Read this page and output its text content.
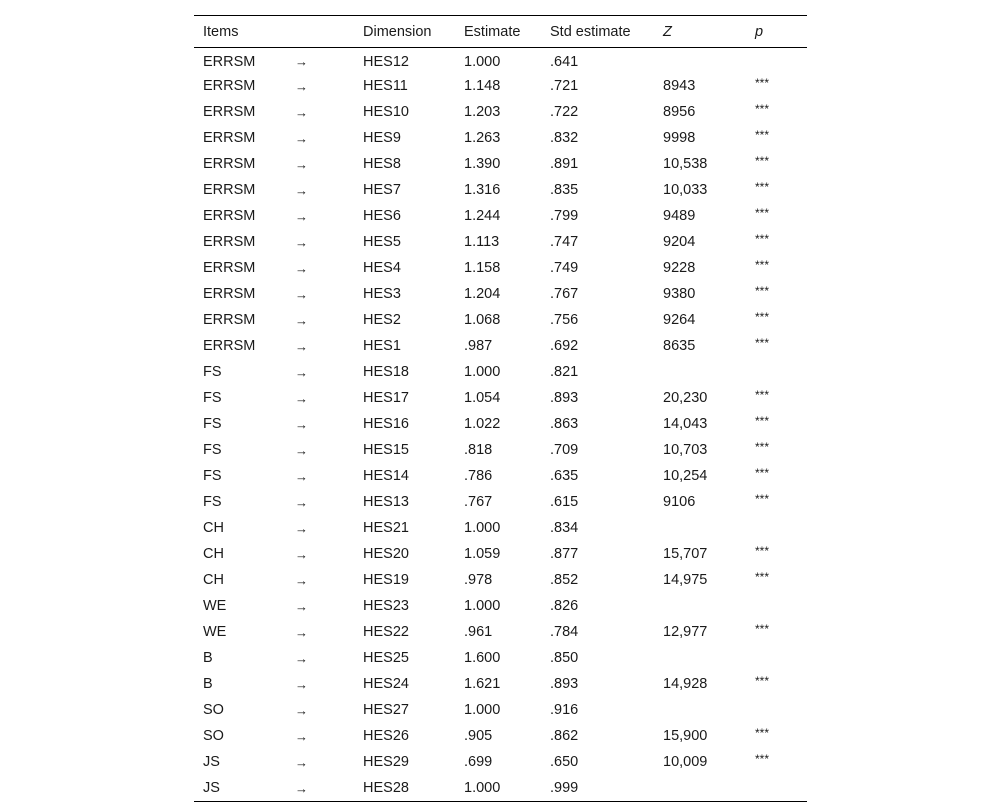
Items		Dimension	Estimate	Std estimate	Z	p
ERRSM	→	HES12	1.000	.641		
ERRSM	→	HES11	1.148	.721	8943	***
ERRSM	→	HES10	1.203	.722	8956	***
ERRSM	→	HES9	1.263	.832	9998	***
ERRSM	→	HES8	1.390	.891	10,538	***
ERRSM	→	HES7	1.316	.835	10,033	***
ERRSM	→	HES6	1.244	.799	9489	***
ERRSM	→	HES5	1.113	.747	9204	***
ERRSM	→	HES4	1.158	.749	9228	***
ERRSM	→	HES3	1.204	.767	9380	***
ERRSM	→	HES2	1.068	.756	9264	***
ERRSM	→	HES1	.987	.692	8635	***
FS	→	HES18	1.000	.821		
FS	→	HES17	1.054	.893	20,230	***
FS	→	HES16	1.022	.863	14,043	***
FS	→	HES15	.818	.709	10,703	***
FS	→	HES14	.786	.635	10,254	***
FS	→	HES13	.767	.615	9106	***
CH	→	HES21	1.000	.834		
CH	→	HES20	1.059	.877	15,707	***
CH	→	HES19	.978	.852	14,975	***
WE	→	HES23	1.000	.826		
WE	→	HES22	.961	.784	12,977	***
B	→	HES25	1.600	.850		
B	→	HES24	1.621	.893	14,928	***
SO	→	HES27	1.000	.916		
SO	→	HES26	.905	.862	15,900	***
JS	→	HES29	.699	.650	10,009	***
JS	→	HES28	1.000	.999		
